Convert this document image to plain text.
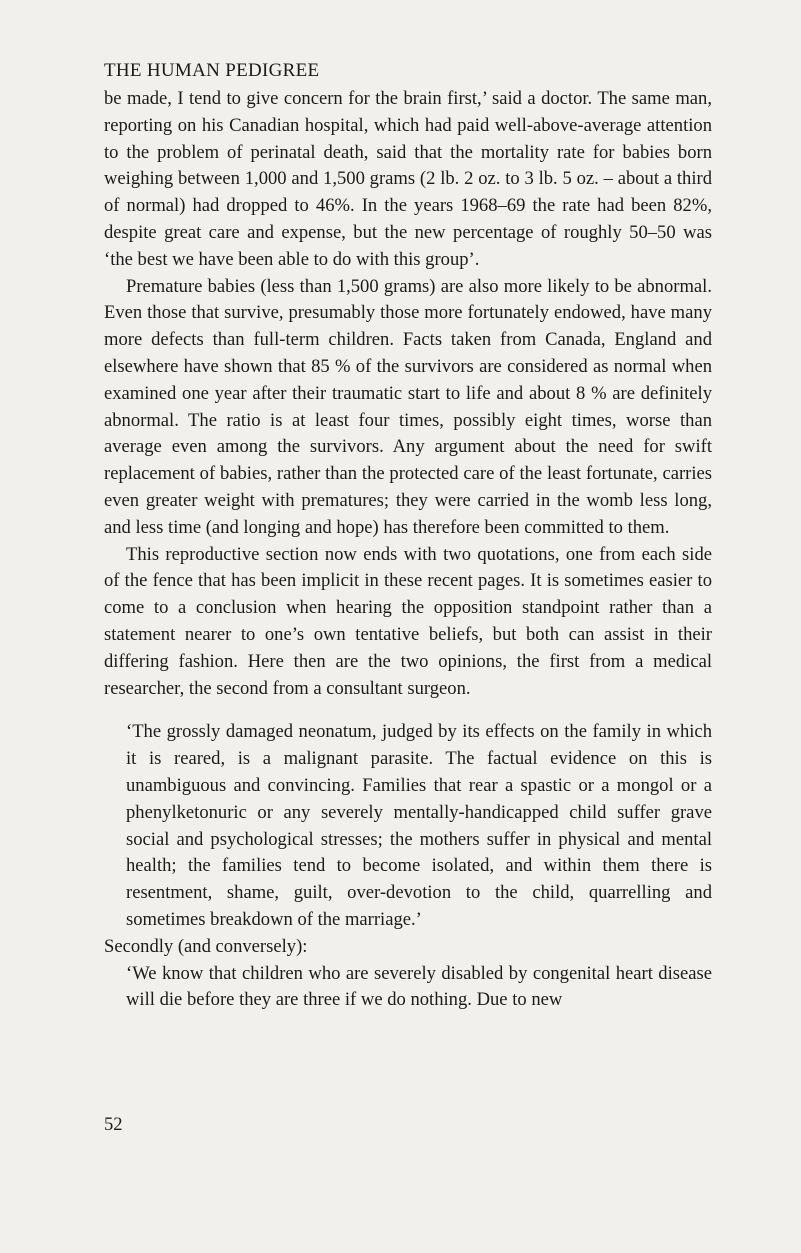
THE HUMAN PEDIGREE

be made, I tend to give concern for the brain first,’ said a doctor. The same man, reporting on his Canadian hospital, which had paid well-above-average attention to the problem of perinatal death, said that the mortality rate for babies born weighing between 1,000 and 1,500 grams (2 lb. 2 oz. to 3 lb. 5 oz. – about a third of normal) had dropped to 46%. In the years 1968–69 the rate had been 82%, despite great care and expense, but the new percentage of roughly 50–50 was ‘the best we have been able to do with this group’.

Premature babies (less than 1,500 grams) are also more likely to be abnormal. Even those that survive, presumably those more fortunately endowed, have many more defects than full-term children. Facts taken from Canada, England and elsewhere have shown that 85 % of the survivors are considered as normal when examined one year after their traumatic start to life and about 8 % are definitely abnormal. The ratio is at least four times, possibly eight times, worse than average even among the survivors. Any argument about the need for swift replacement of babies, rather than the protected care of the least fortunate, carries even greater weight with prematures; they were carried in the womb less long, and less time (and longing and hope) has therefore been committed to them.

This reproductive section now ends with two quotations, one from each side of the fence that has been implicit in these recent pages. It is sometimes easier to come to a conclusion when hearing the opposition standpoint rather than a statement nearer to one’s own tentative beliefs, but both can assist in their differing fashion. Here then are the two opinions, the first from a medical researcher, the second from a consultant surgeon.

‘The grossly damaged neonatum, judged by its effects on the family in which it is reared, is a malignant parasite. The factual evidence on this is unambiguous and convincing. Families that rear a spastic or a mongol or a phenylketonuric or any severely mentally-handicapped child suffer grave social and psychological stresses; the mothers suffer in physical and mental health; the families tend to become isolated, and within them there is resentment, shame, guilt, over-devotion to the child, quarrelling and sometimes breakdown of the marriage.’

Secondly (and conversely):

‘We know that children who are severely disabled by congenital heart disease will die before they are three if we do nothing. Due to new

52
